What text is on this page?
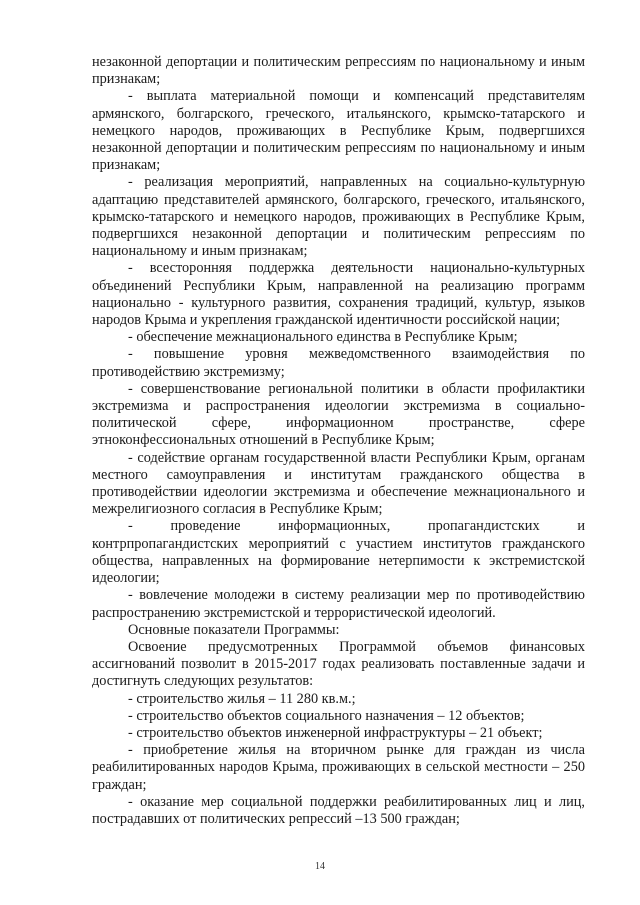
незаконной депортации и политическим репрессиям по национальному и иным признакам;

- выплата материальной помощи и компенсаций представителям армянского, болгарского, греческого, итальянского, крымско-татарского и немецкого народов, проживающих в Республике Крым, подвергшихся незаконной депортации и политическим репрессиям по национальному и иным признакам;

- реализация мероприятий, направленных на социально-культурную адаптацию представителей армянского, болгарского, греческого, итальянского, крымско-татарского и немецкого народов, проживающих в Республике Крым, подвергшихся незаконной депортации и политическим репрессиям по национальному и иным признакам;

- всесторонняя поддержка деятельности национально-культурных объединений Республики Крым, направленной на реализацию программ национально - культурного развития, сохранения традиций, культур, языков народов Крыма и укрепления гражданской идентичности российской нации;

- обеспечение межнационального единства в Республике Крым;

- повышение уровня межведомственного взаимодействия по противодействию экстремизму;

- совершенствование региональной политики в области профилактики экстремизма и распространения идеологии экстремизма в социально-политической сфере, информационном пространстве, сфере этноконфессиональных отношений в Республике Крым;

- содействие органам государственной власти Республики Крым, органам местного самоуправления и институтам гражданского общества в противодействии идеологии экстремизма и обеспечение межнационального и межрелигиозного согласия в Республике Крым;

- проведение информационных, пропагандистских и контрпропагандистских мероприятий с участием институтов гражданского общества, направленных на формирование нетерпимости к экстремистской идеологии;

- вовлечение молодежи в систему реализации мер по противодействию распространению экстремистской и террористической идеологий.

Основные показатели Программы:

Освоение предусмотренных Программой объемов финансовых ассигнований позволит в 2015-2017 годах реализовать поставленные задачи и достигнуть следующих результатов:

- строительство жилья – 11 280 кв.м.;

- строительство объектов социального назначения – 12 объектов;

- строительство объектов инженерной инфраструктуры – 21 объект;

- приобретение жилья на вторичном рынке для граждан из числа реабилитированных народов Крыма, проживающих в сельской местности – 250 граждан;

- оказание мер социальной поддержки реабилитированных лиц и лиц, пострадавших от политических репрессий –13 500 граждан;

14
